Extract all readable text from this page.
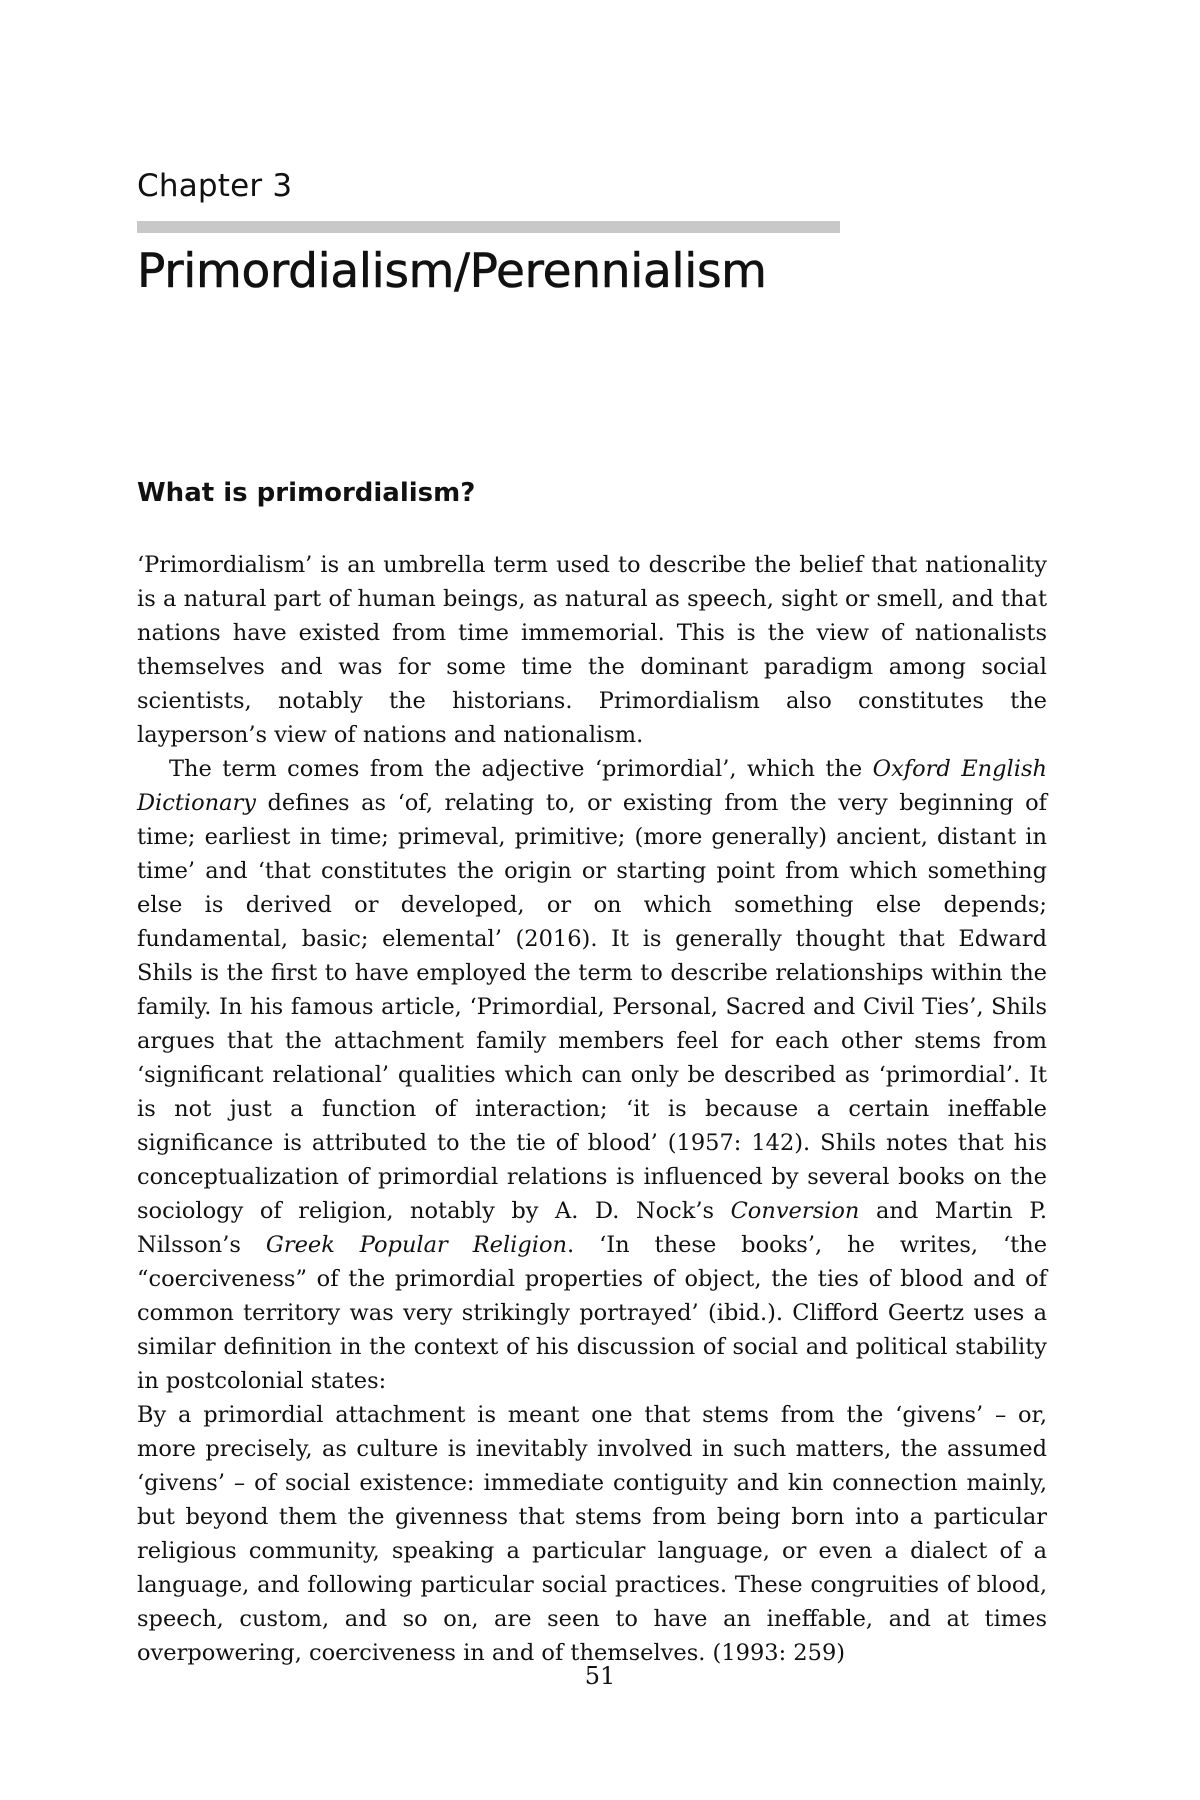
Chapter 3
Primordialism/Perennialism
What is primordialism?

‘Primordialism’ is an umbrella term used to describe the belief that nationality is a natural part of human beings, as natural as speech, sight or smell, and that nations have existed from time immemorial. This is the view of nationalists themselves and was for some time the dominant paradigm among social scientists, notably the historians. Primordialism also constitutes the layperson’s view of nations and nationalism.

The term comes from the adjective ‘primordial’, which the Oxford English Dictionary defines as ‘of, relating to, or existing from the very beginning of time; earliest in time; primeval, primitive; (more generally) ancient, distant in time’ and ‘that constitutes the origin or starting point from which something else is derived or developed, or on which something else depends; fundamental, basic; elemental’ (2016). It is generally thought that Edward Shils is the first to have employed the term to describe relationships within the family. In his famous article, ‘Primordial, Personal, Sacred and Civil Ties’, Shils argues that the attachment family members feel for each other stems from ‘significant relational’ qualities which can only be described as ‘primordial’. It is not just a function of interaction; ‘it is because a certain ineffable significance is attributed to the tie of blood’ (1957: 142). Shils notes that his conceptualization of primordial relations is influenced by several books on the sociology of religion, notably by A. D. Nock’s Conversion and Martin P. Nilsson’s Greek Popular Religion. ‘In these books’, he writes, ‘the “coerciveness” of the primordial properties of object, the ties of blood and of common territory was very strikingly portrayed’ (ibid.). Clifford Geertz uses a similar definition in the context of his discussion of social and political stability in postcolonial states:

By a primordial attachment is meant one that stems from the ‘givens’ – or, more precisely, as culture is inevitably involved in such matters, the assumed ‘givens’ – of social existence: immediate contiguity and kin connection mainly, but beyond them the givenness that stems from being born into a particular religious community, speaking a particular language, or even a dialect of a language, and following particular social practices. These congruities of blood, speech, custom, and so on, are seen to have an ineffable, and at times overpowering, coerciveness in and of themselves. (1993: 259)

51
